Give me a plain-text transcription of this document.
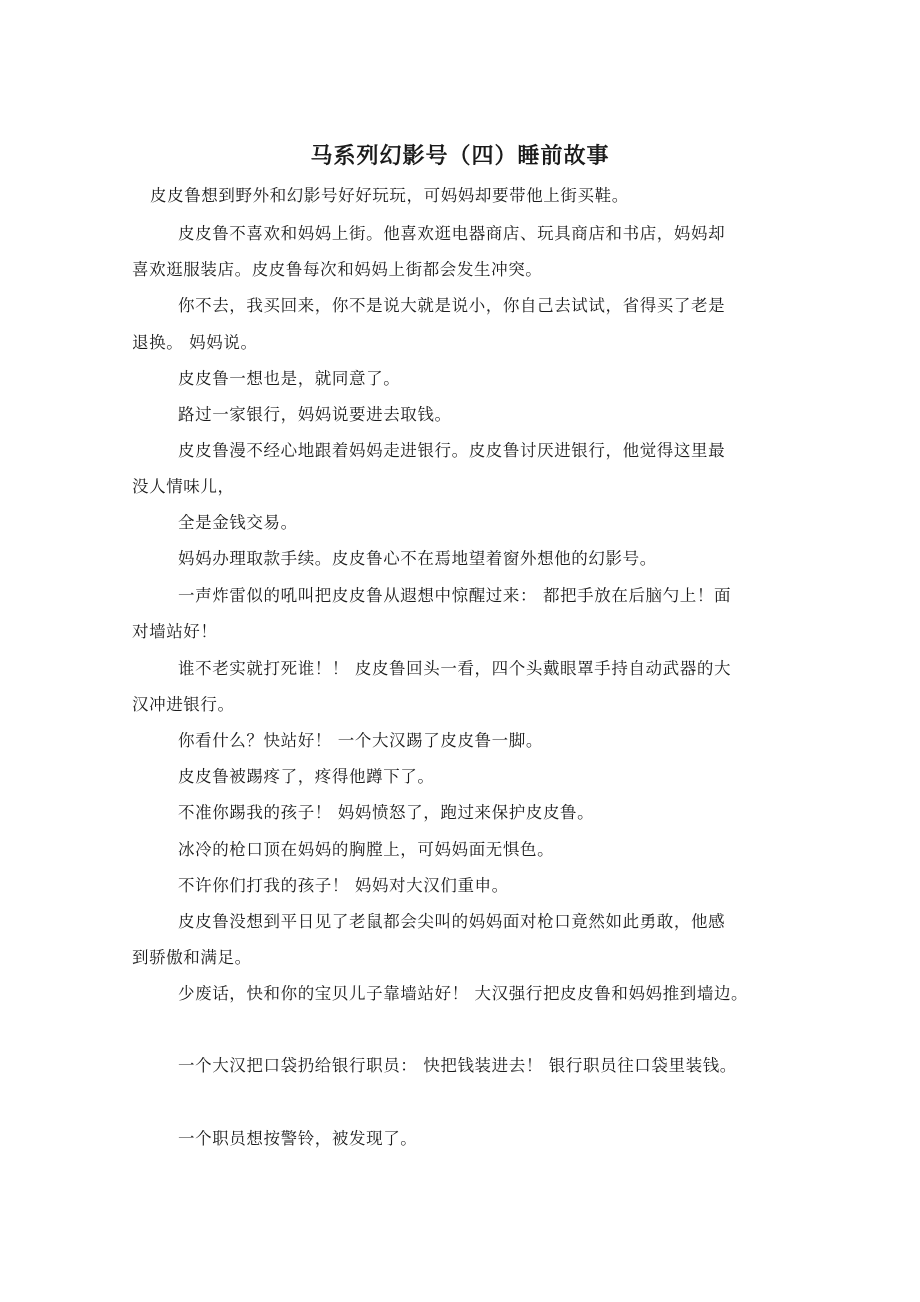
马系列幻影号（四）睡前故事
皮皮鲁想到野外和幻影号好好玩玩，可妈妈却要带他上街买鞋。
皮皮鲁不喜欢和妈妈上街。他喜欢逛电器商店、玩具商店和书店，妈妈却
喜欢逛服装店。皮皮鲁每次和妈妈上街都会发生冲突。
你不去，我买回来，你不是说大就是说小，你自己去试试，省得买了老是
退换。 妈妈说。
皮皮鲁一想也是，就同意了。
路过一家银行，妈妈说要进去取钱。
皮皮鲁漫不经心地跟着妈妈走进银行。皮皮鲁讨厌进银行，他觉得这里最
没人情味儿，
全是金钱交易。
妈妈办理取款手续。皮皮鲁心不在焉地望着窗外想他的幻影号。
一声炸雷似的吼叫把皮皮鲁从遐想中惊醒过来： 都把手放在后脑勺上！面
对墙站好！
谁不老实就打死谁！！ 皮皮鲁回头一看，四个头戴眼罩手持自动武器的大
汉冲进银行。
你看什么？快站好！ 一个大汉踢了皮皮鲁一脚。
皮皮鲁被踢疼了，疼得他蹲下了。
不准你踢我的孩子！ 妈妈愤怒了，跑过来保护皮皮鲁。
冰冷的枪口顶在妈妈的胸膛上，可妈妈面无惧色。
不许你们打我的孩子！ 妈妈对大汉们重申。
皮皮鲁没想到平日见了老鼠都会尖叫的妈妈面对枪口竟然如此勇敢，他感
到骄傲和满足。
少废话，快和你的宝贝儿子靠墙站好！ 大汉强行把皮皮鲁和妈妈推到墙边。
一个大汉把口袋扔给银行职员： 快把钱装进去！ 银行职员往口袋里装钱。
一个职员想按警铃，被发现了。
